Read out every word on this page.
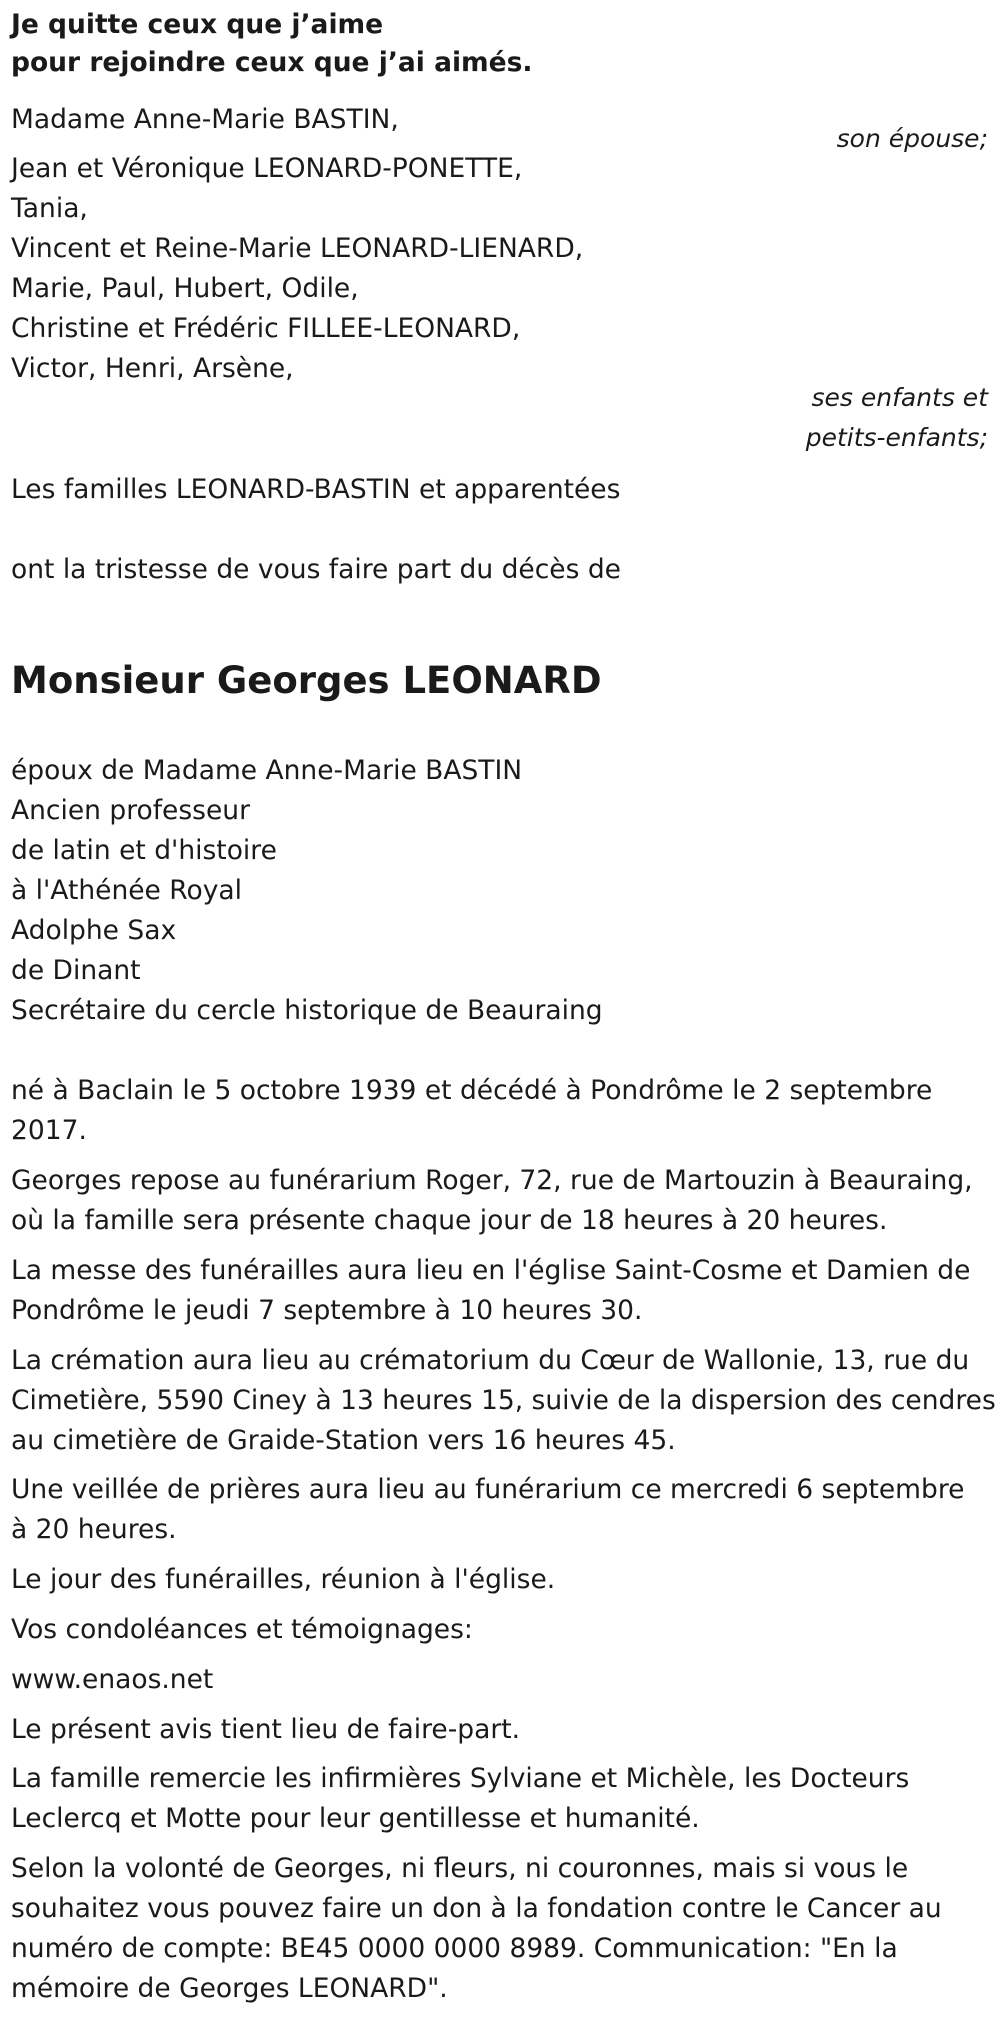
Je quitte ceux que j’aime

pour rejoindre ceux que j’ai aimés.

Madame Anne-Marie BASTIN,

son épouse;

Jean et Véronique LEONARD-PONETTE,

Tania,

Vincent et Reine-Marie LEONARD-LIENARD,

Marie, Paul, Hubert, Odile,

Christine et Frédéric FILLEE-LEONARD,

Victor, Henri, Arsène,

ses enfants et

petits-enfants;

Les familles LEONARD-BASTIN et apparentées

ont la tristesse de vous faire part du décès de

Monsieur Georges LEONARD

époux de Madame Anne-Marie BASTIN

Ancien professeur

de latin et d'histoire

à l'Athénée Royal

Adolphe Sax

de Dinant

Secrétaire du cercle historique de Beauraing

né à Baclain le 5 octobre 1939 et décédé à Pondrôme le 2 septembre

2017.

Georges repose au funérarium Roger, 72, rue de Martouzin à Beauraing,

où la famille sera présente chaque jour de 18 heures à 20 heures.

La messe des funérailles aura lieu en l'église Saint-Cosme et Damien de

Pondrôme le jeudi 7 septembre à 10 heures 30.

La crémation aura lieu au crématorium du Cœur de Wallonie, 13, rue du

Cimetière, 5590 Ciney à 13 heures 15, suivie de la dispersion des cendres

au cimetière de Graide-Station vers 16 heures 45.

Une veillée de prières aura lieu au funérarium ce mercredi 6 septembre

à 20 heures.

Le jour des funérailles, réunion à l'église.

Vos condoléances et témoignages:

www.enaos.net

Le présent avis tient lieu de faire-part.

La famille remercie les infirmières Sylviane et Michèle, les Docteurs

Leclercq et Motte pour leur gentillesse et humanité.

Selon la volonté de Georges, ni fleurs, ni couronnes, mais si vous le

souhaitez vous pouvez faire un don à la fondation contre le Cancer au

numéro de compte: BE45 0000 0000 8989. Communication: "En la

mémoire de Georges LEONARD".
